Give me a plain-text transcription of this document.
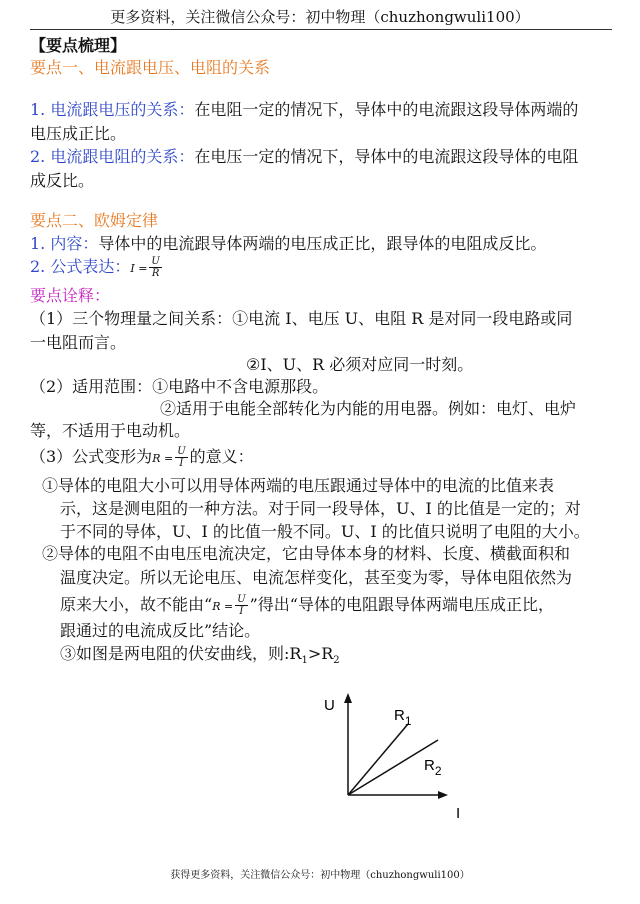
更多资料，关注微信公众号：初中物理（chuzhongwuli100）
【要点梳理】
要点一、电流跟电压、电阻的关系
1. 电流跟电压的关系：在电阻一定的情况下，导体中的电流跟这段导体两端的
电压成正比。
2. 电流跟电阻的关系：在电压一定的情况下，导体中的电流跟这段导体的电阻
成反比。
要点二、欧姆定律
1. 内容：导体中的电流跟导体两端的电压成正比，跟导体的电阻成反比。
2. 公式表达：$I = \frac{U}{R}$
要点诠释：
（1）三个物理量之间关系：①电流 I、电压 U、电阻 R 是对同一段电路或同
一电阻而言。
②I、U、R 必须对应同一时刻。
（2）适用范围：①电路中不含电源那段。
②适用于电能全部转化为内能的用电器。例如：电灯、电炉
等，不适用于电动机。
（3）公式变形为$R = \frac{U}{I}$ 的意义：
①导体的电阻大小可以用导体两端的电压跟通过导体中的电流的比值来表
示，这是测电阻的一种方法。对于同一段导体，U、I 的比值是一定的；对
于不同的导体，U、I 的比值一般不同。U、I 的比值只说明了电阻的大小。
②导体的电阻不由电压电流决定，它由导体本身的材料、长度、横截面积和
温度决定。所以无论电压、电流怎样变化，甚至变为零，导体电阻依然为
原来大小，故不能由“$R = \frac{U}{I}$ ”得出“导体的电阻跟导体两端电压成正比，
跟通过的电流成反比”结论。
③如图是两电阻的伏安曲线，则$:R_1>R_2$
U
I
$R_1$
$R_2$
获得更多资料，关注微信公众号：初中物理（chuzhongwuli100）
